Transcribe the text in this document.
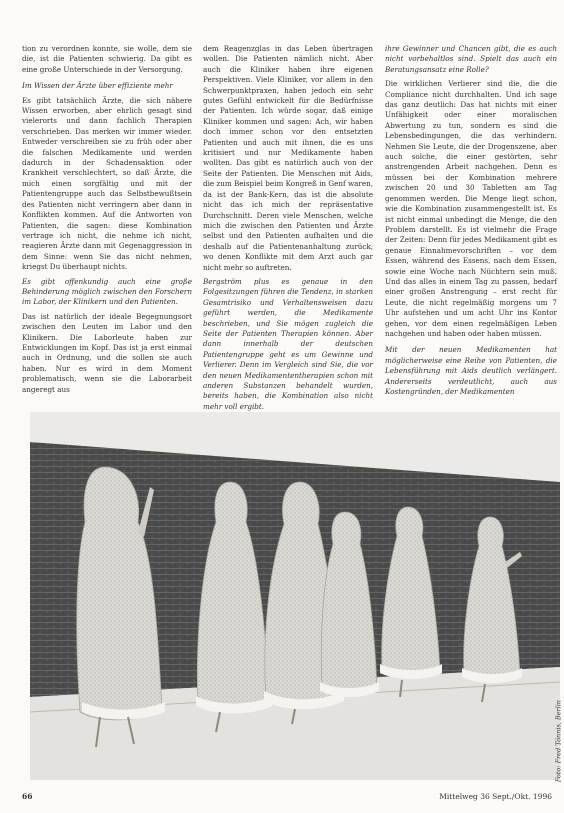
tion zu verordnen konnte, sie wolle, dem sie die, ist die Patienten schwierig. Da gibt es eine große Unterschiede in der Versorgung.

Im Wissen der Ärzte über effiziente mehr

Es gibt tatsächlich Ärzte, die sich nähere Wissen erworben, aber ehrlich gesagt sind vielerorts und dann fachlich Therapien verschrieben. Das merken wir immer wieder. Entweder verschreiben sie zu früh oder aber die falschen Medikamente und werden dadurch in der Schadensaktion oder Krankheit verschlechtert, so daß Ärzte, die mich einen sorgfältig und mit der Patientengruppe auch das Selbstbewußtsein des Patienten nicht verringern aber dann in Konflikten kommen. Auf die Antworten von Patienten, die sagen: diese Kombination vertrage ich nicht, die nehme ich nicht, reagieren Ärzte dann mit Gegenaggression in dem Sinne: wenn Sie das nicht nehmen, kriegst Du überhaupt nichts.

Es gibt offenkundig auch eine große Behinderung möglich zwischen den Forschern im Labor, der Klinikern und den Patienten.

Das ist natürlich der ideale Begegnungsort zwischen den Leuten im Labor und den Klinikern. Die Laborleute haben zur Entwicklungen im Kopf. Das ist ja erst einmal auch in Ordnung, und die sollen sie auch haben. Nur es wird in dem Moment problematisch, wenn sie die Laborarbeit angeregt aus

dem Reagenzglas in das Leben übertragen wollen. Die Patienten nämlich nicht. Aber auch die Kliniker haben ihre eigenen Perspektiven. Viele Kliniker, vor allem in den Schwerpunktpraxen, haben jedoch ein sehr gutes Gefühl entwickelt für die Bedürfnisse der Patienten. Ich würde sogar, daß einige Kliniker kommen und sagen: Ach, wir haben doch immer schon vor den entsetzten Patienten und auch mit ihnen, die es uns kritisiert und nur Medikamente haben wollten. Das gibt es natürlich auch von der Seite der Patienten. Die Menschen mit Aids, die zum Beispiel beim Kongreß in Genf waren, da ist der Bank-Kern, das ist die absolute nicht das ich mich der repräsentative Durchschnitt. Deren viele Menschen, welche mich die zwischen den Patienten und Ärzte selbst und den Patienten aufhalten und die deshalb auf die Patientenanhaltung zurück, wo denen Konflikte mit dem Arzt auch gar nicht mehr so auftreten.

Bergström plus es genaue in den Folgesitzungen führen die Tendenz, in starken Gesamtrisiko und Verhaltensweisen dazu geführt werden, die Medikamente beschrieben, und Sie mögen zugleich die Seite der Patienten Therapien können. Aber dann innerhalb der deutschen Patientengruppe geht es um Gewinne und Verlierer. Denn im Vergleich sind Sie, die vor den neuen Medikamententherapien schon mit anderen Substanzen behandelt wurden, bereits haben, die Kombination also nicht mehr voll ergibt.

ihre Gewinner und Chancen gibt, die es auch nicht vorbehaltlos sind. Spielt das auch ein Beratungsansatz eine Rolle?

Die wirklichen Verlierer sind die, die die Compliance nicht durchhalten. Und ich sage das ganz deutlich: Das hat nichts mit einer Unfähigkeit oder einer moralischen Abwertung zu tun, sondern es sind die Lebensbedingungen, die das verhindern. Nehmen Sie Leute, die der Drogenszene, aber auch solche, die einer gestörten, sehr anstrengenden Arbeit nachgehen. Denn es müssen bei der Kombination mehrere zwischen 20 und 30 Tabletten am Tag genommen werden. Die Menge liegt schon, wie die Kombination zusammengestellt ist. Es ist nicht einmal unbedingt die Menge, die den Problem darstellt. Es ist vielmehr die Frage der Zeiten: Denn für jedes Medikament gibt es genaue Einnahmevorschriften – vor dem Essen, während des Essens, nach dem Essen, sowie eine Woche nach Nüchtern sein muß. Und das alles in einem Tag zu passen, bedarf einer großen Anstrengung – erst recht für Leute, die nicht regelmäßig morgens um 7 Uhr aufstehen und um acht Uhr ins Kontor gehen, vor dem einen regelmäßigen Leben nachgehen und haben oder haben müssen.

Mit der neuen Medikamenten hat möglicherweise eine Reihe von Patienten, die Lebensführung mit Aids deutlich verlängert. Andererseits verdeutlicht, auch aus Kostengründen, der Medikamenten

Foto: Fred Tönnis, Berlin
66	Mittelweg 36 Sept./Okt. 1996
